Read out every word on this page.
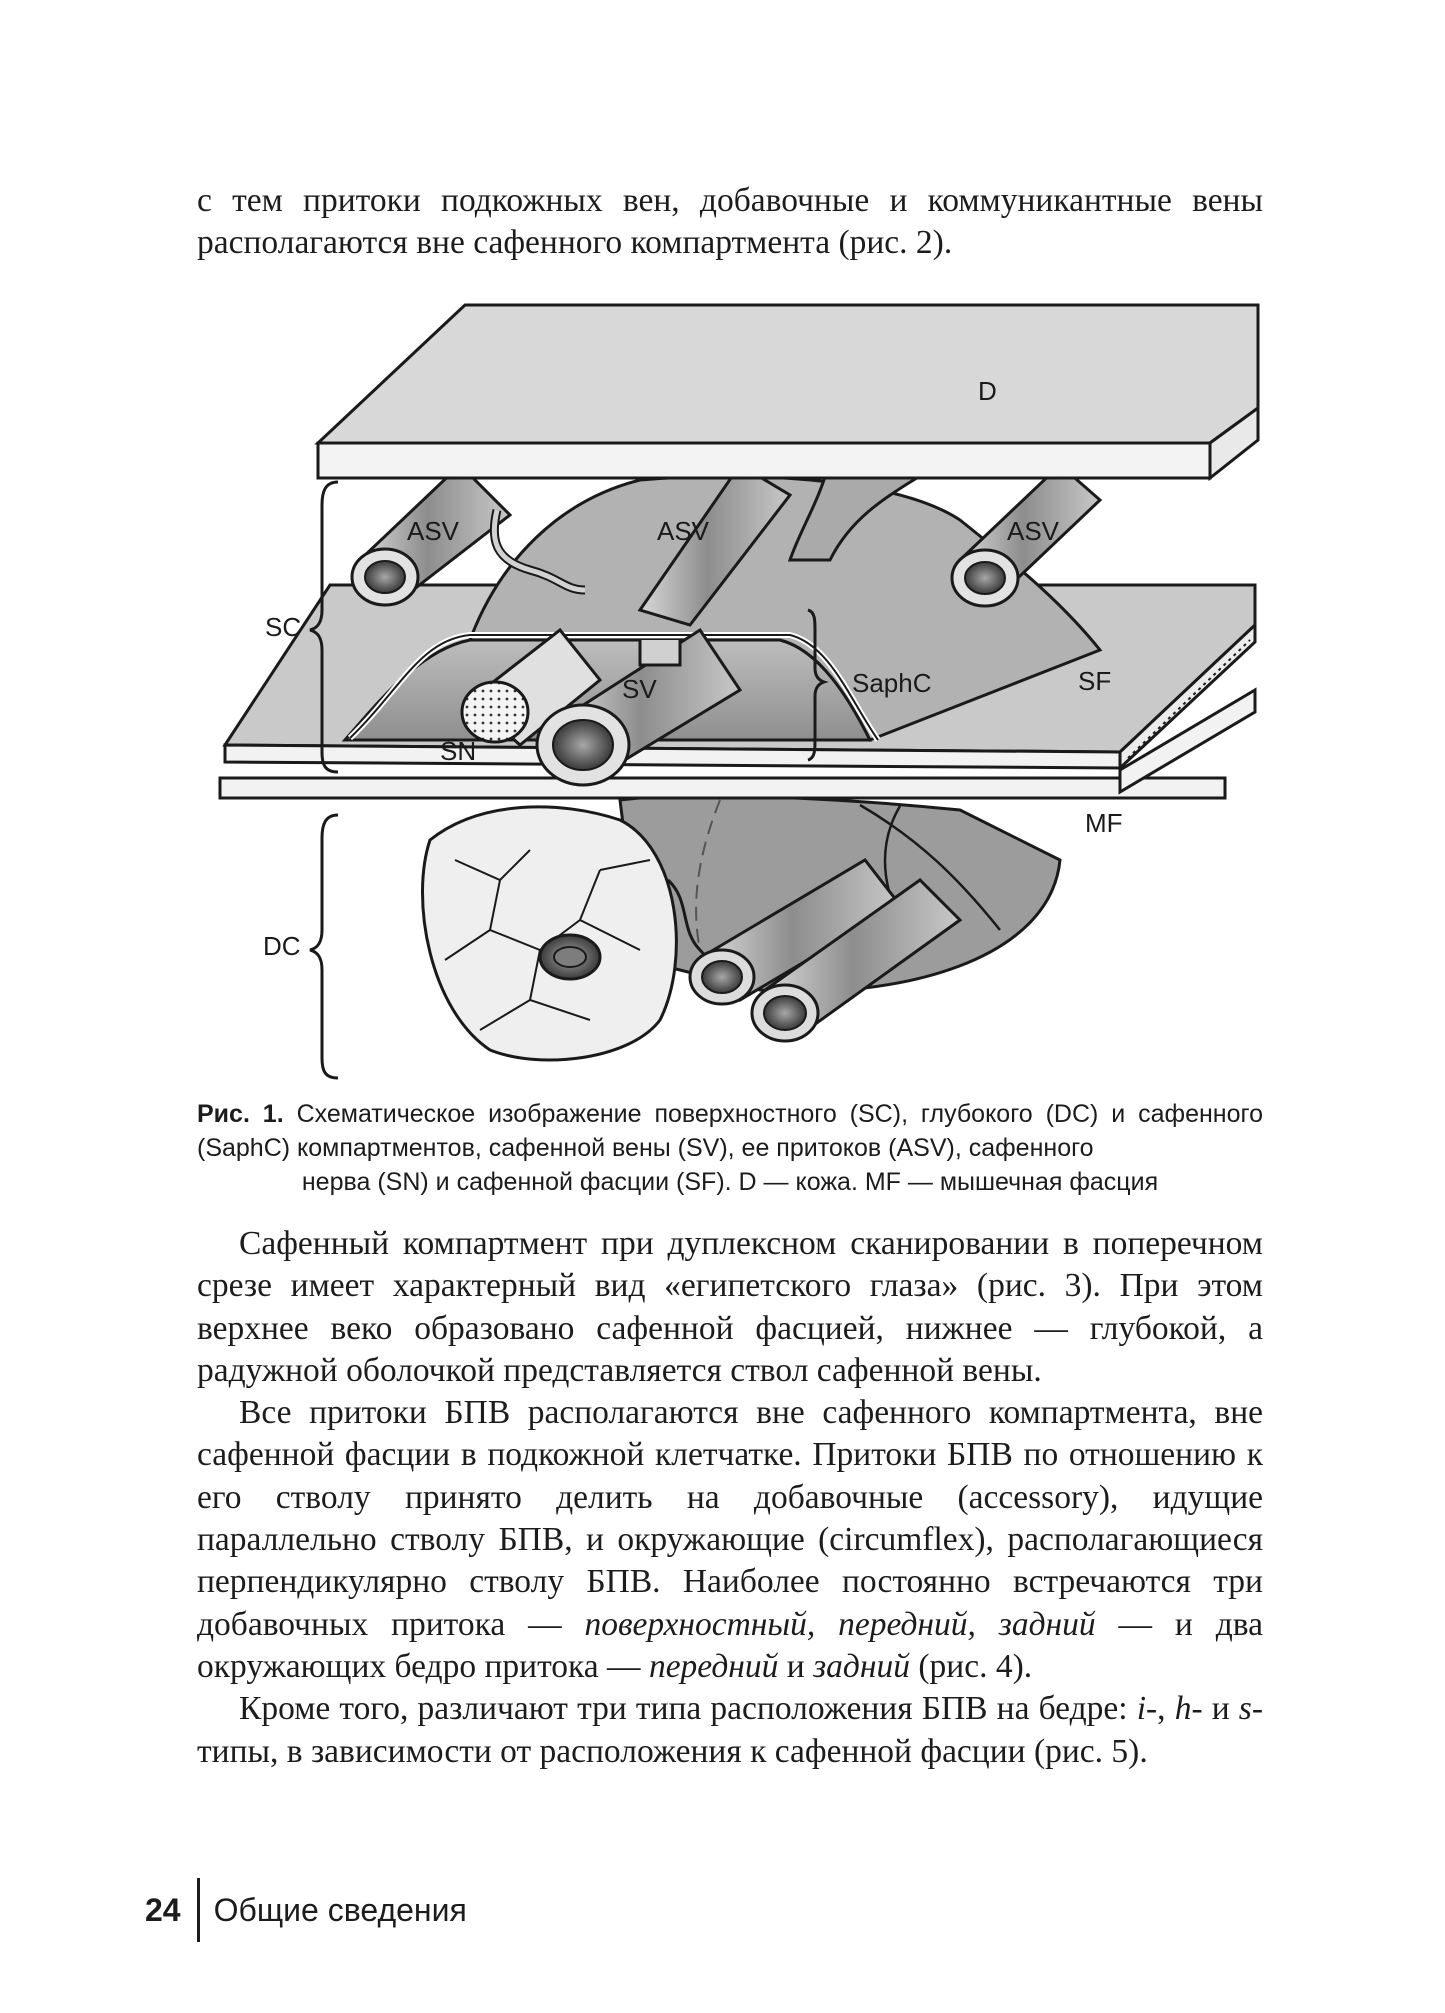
с тем притоки подкожных вен, добавочные и коммуникантные вены располагаются вне сафенного компартмента (рис. 2).

D
ASV	ASV	ASV
SC
SV
SN
SaphC	SF
MF
DC
Рис. 1. Схематическое изображение поверхностного (SC), глубокого (DC) и сафенного (SaphC) компартментов, сафенной вены (SV), ее притоков (ASV), сафенного
нерва (SN) и сафенной фасции (SF). D — кожа. MF — мышечная фасция

Сафенный компартмент при дуплексном сканировании в поперечном срезе имеет характерный вид «египетского глаза» (рис. 3). При этом верхнее веко образовано сафенной фасцией, нижнее — глубокой, а радужной оболочкой представляется ствол сафенной вены.

Все притоки БПВ располагаются вне сафенного компартмента, вне сафенной фасции в подкожной клетчатке. Притоки БПВ по отношению к его стволу принято делить на добавочные (accessory), идущие параллельно стволу БПВ, и окружающие (circumflex), располагающиеся перпендикулярно стволу БПВ. Наиболее постоянно встречаются три добавочных притока — поверхностный, передний, задний — и два окружающих бедро притока — передний и задний (рис. 4).

Кроме того, различают три типа расположения БПВ на бедре: i-, h- и s-типы, в зависимости от расположения к сафенной фасции (рис. 5).

24 Общие сведения
